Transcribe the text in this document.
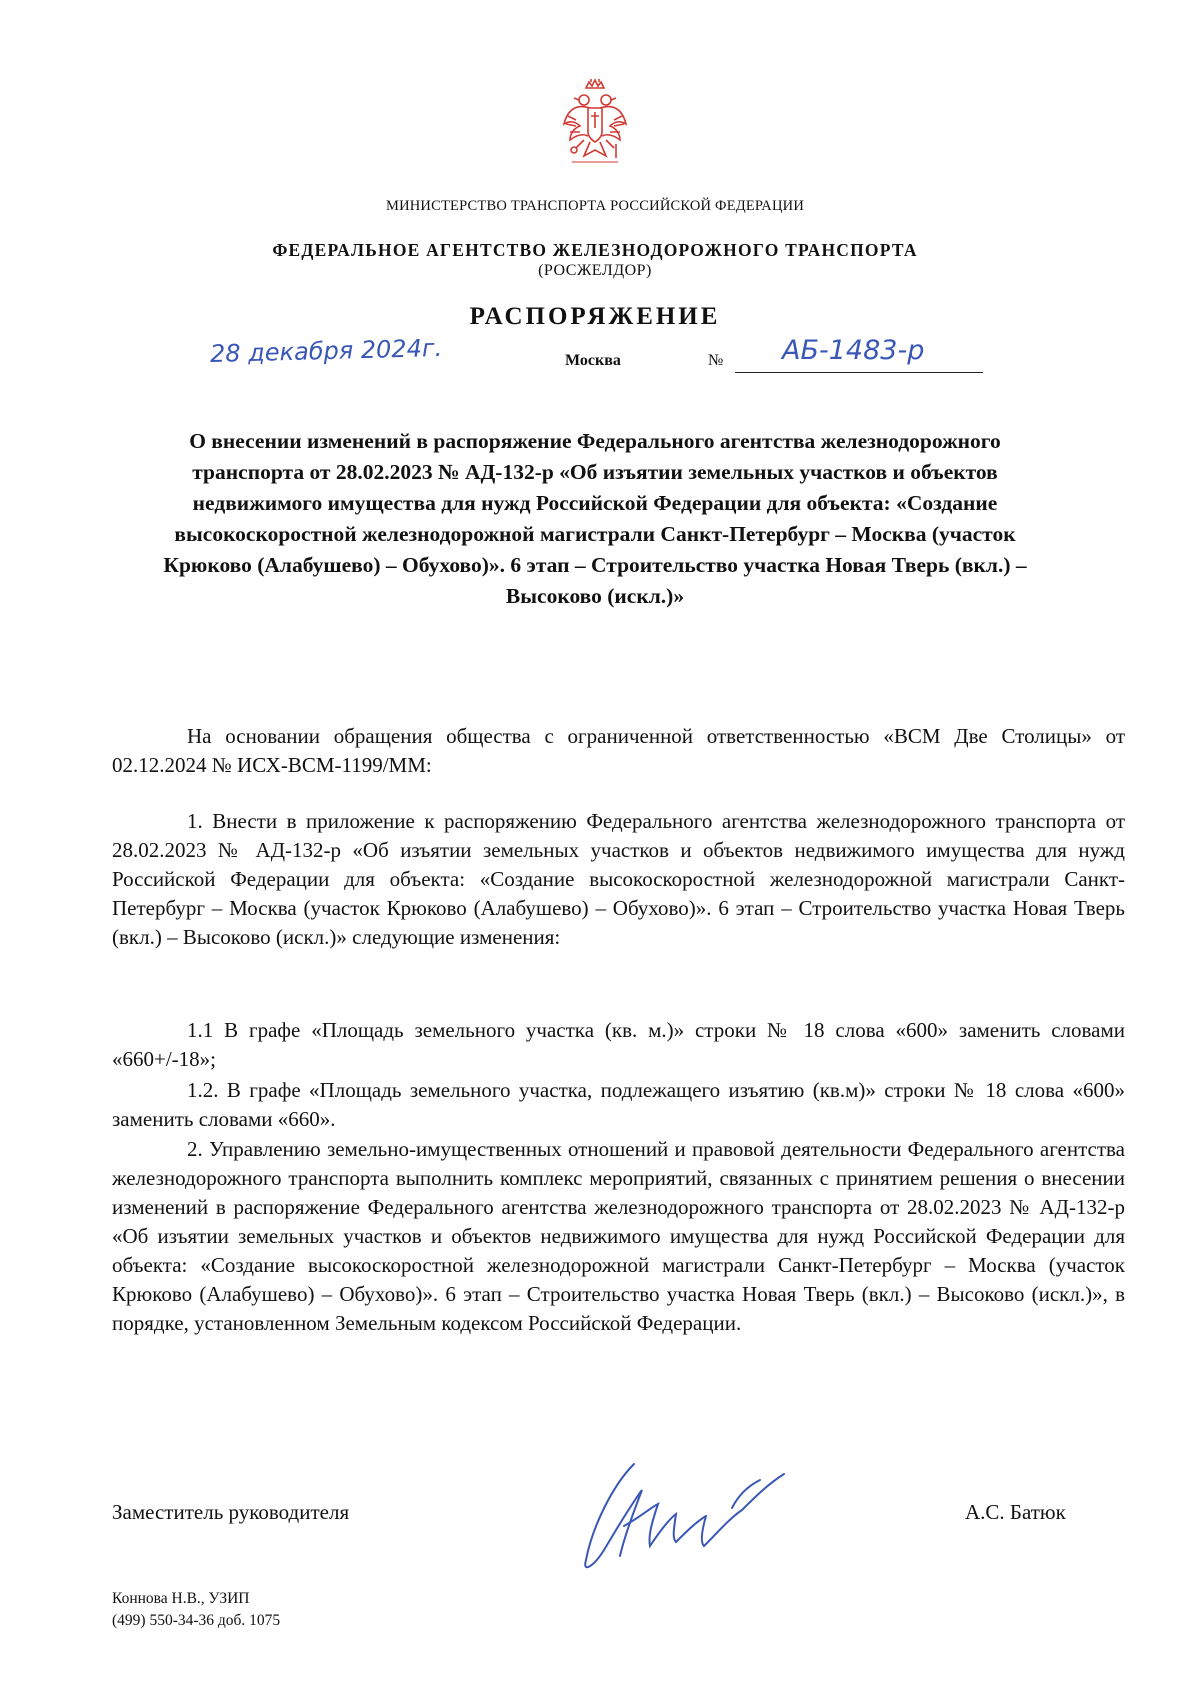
МИНИСТЕРСТВО ТРАНСПОРТА РОССИЙСКОЙ ФЕДЕРАЦИИ
ФЕДЕРАЛЬНОЕ АГЕНТСТВО ЖЕЛЕЗНОДОРОЖНОГО ТРАНСПОРТА
(РОСЖЕЛДОР)
РАСПОРЯЖЕНИЕ
28 декабря 2024г.	Москва	№ АБ-1483-р
О внесении изменений в распоряжение Федерального агентства железнодорожного транспорта от 28.02.2023 № АД-132-р «Об изъятии земельных участков и объектов недвижимого имущества для нужд Российской Федерации для объекта: «Создание высокоскоростной железнодорожной магистрали Санкт-Петербург – Москва (участок Крюково (Алабушево) – Обухово)». 6 этап – Строительство участка Новая Тверь (вкл.) – Высоково (искл.)»
На основании обращения общества с ограниченной ответственностью «ВСМ Две Столицы» от 02.12.2024 № ИСХ-ВСМ-1199/ММ:
1. Внести в приложение к распоряжению Федерального агентства железнодорожного транспорта от 28.02.2023 № АД-132-р «Об изъятии земельных участков и объектов недвижимого имущества для нужд Российской Федерации для объекта: «Создание высокоскоростной железнодорожной магистрали Санкт-Петербург – Москва (участок Крюково (Алабушево) – Обухово)». 6 этап – Строительство участка Новая Тверь (вкл.) – Высоково (искл.)» следующие изменения:
1.1 В графе «Площадь земельного участка (кв. м.)» строки № 18 слова «600» заменить словами «660+/-18»;
1.2. В графе «Площадь земельного участка, подлежащего изъятию (кв.м)» строки № 18 слова «600» заменить словами «660».
2. Управлению земельно-имущественных отношений и правовой деятельности Федерального агентства железнодорожного транспорта выполнить комплекс мероприятий, связанных с принятием решения о внесении изменений в распоряжение Федерального агентства железнодорожного транспорта от 28.02.2023 № АД-132-р «Об изъятии земельных участков и объектов недвижимого имущества для нужд Российской Федерации для объекта: «Создание высокоскоростной железнодорожной магистрали Санкт-Петербург – Москва (участок Крюково (Алабушево) – Обухово)». 6 этап – Строительство участка Новая Тверь (вкл.) – Высоково (искл.)», в порядке, установленном Земельным кодексом Российской Федерации.
Заместитель руководителя	А.С. Батюк
Коннова Н.В., УЗИП
(499) 550-34-36 доб. 1075
